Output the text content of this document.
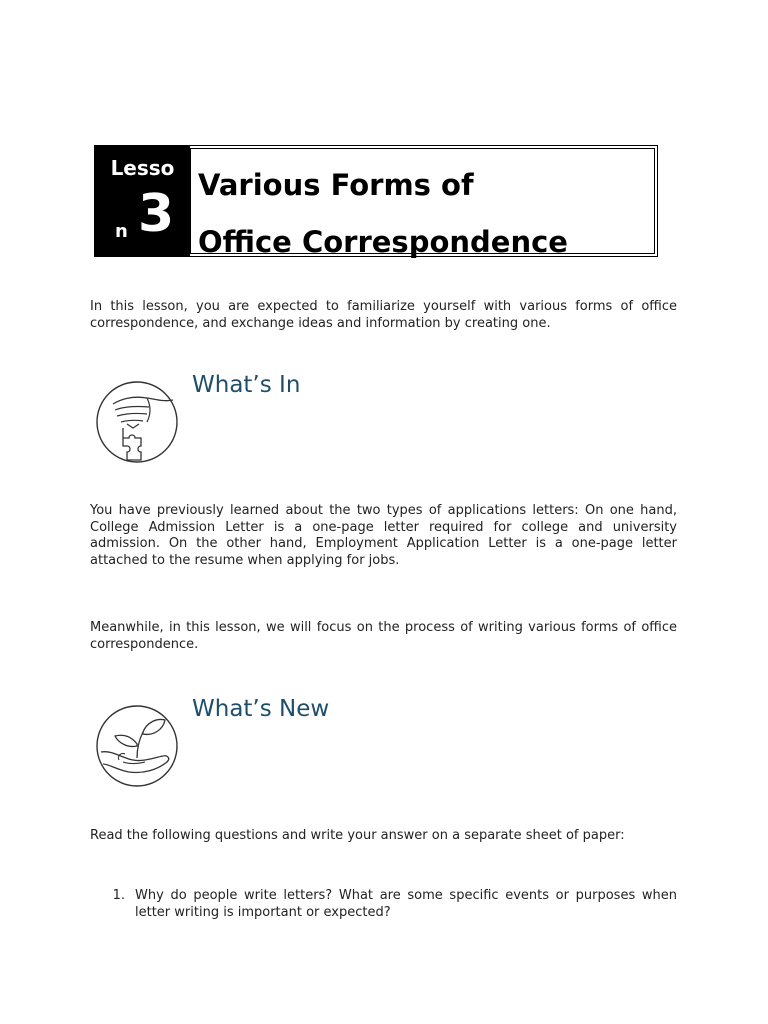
Lesso
n 3 Various Forms of
Office Correspondence

In this lesson, you are expected to familiarize yourself with various forms of office correspondence, and exchange ideas and information by creating one.

What’s In

You have previously learned about the two types of applications letters: On one hand, College Admission Letter is a one-page letter required for college and university admission. On the other hand, Employment Application Letter is a one-page letter attached to the resume when applying for jobs.

Meanwhile, in this lesson, we will focus on the process of writing various forms of office correspondence.

What’s New

Read the following questions and write your answer on a separate sheet of paper:

1. Why do people write letters? What are some specific events or purposes when letter writing is important or expected?
